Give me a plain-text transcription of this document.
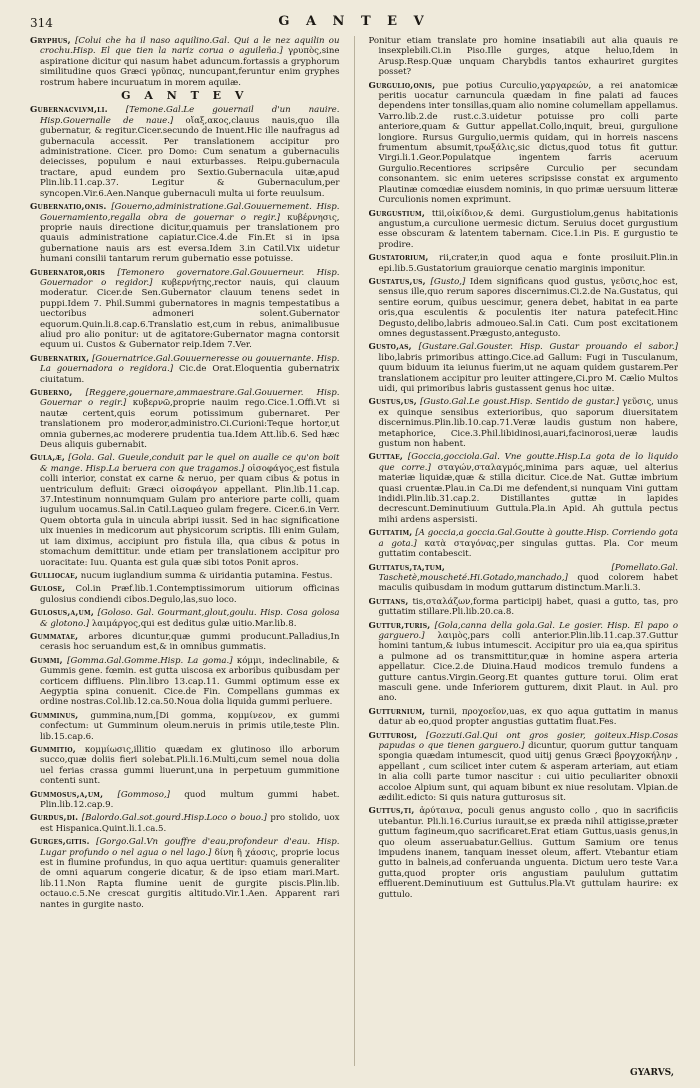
314	G A N T E V

Gryphus, [Colui che ha il naso aquilino.Gal. Qui a le nez aquilin ou crochu.Hisp. El que tien la nariz corua o aguileña.] γρυπὸς,sine aspiratione dicitur qui nasum habet aduncum.fortassis a gryphorum similitudine quos Græci γρῦπας, nuncupant,feruntur enim gryphes rostrum habere incuruatum in morem aquilæ.

G A N T E V

Gubernacvlvm,li. [Temone.Gal.Le gouernail d'un nauire. Hisp.Gouernalle de naue.] οἴαξ,ακος,clauus nauis,quo illa gubernatur, & regitur.Cicer.secundo de Inuent.Hic ille naufragus ad gubernacula accessit. Per translationem accipitur pro administratione. Cicer. pro Domo: Cum senatum a gubernaculis deiecisses, populum e naui exturbasses. Reipu.gubernacula tractare, apud eundem pro Sextio.Gubernacula uitæ,apud Plin.lib.11.cap.37. Legitur & Gubernaculum,per syncopen.Vir.6.Aen.Nanque gubernaculi multa ui forte reuulsum.

Gubernatio,onis. [Gouerno,administratione.Gal.Gouuernement. Hisp. Gouernamiento,regalla obra de gouernar o regir.] κυβέρνησις, proprie nauis directione dicitur,quamuis per translationem pro quauis administratione capiatur.Cice.4.de Fin.Et si in ipsa gubernatione nauis ars est eversa.Idem 3.in Catil.Vix uidetur humani consilii tantarum rerum gubernatio esse potuisse.

Gubernator,oris [Temonero governatore.Gal.Gouuerneur. Hisp. Gouernador o regidor.] κυβερνήτης,rector nauis, qui clauum moderatur. Cicer.de Sen.Gubernator clauum tenens sedet in puppi.Idem 7. Phil.Summi gubernatores in magnis tempestatibus a uectoribus admoneri solent.Gubernator equorum.Quin.li.8.cap.6.Translatio est,cum in rebus, animalibusue aliud pro alio ponitur: ut de agitatore:Gubernator magna contorsit equum ui. Custos & Gubernator reip.Idem 7.Ver.

Gubernatrix, [Gouernatrice.Gal.Gouuerneresse ou gouuernante. Hisp. La gouernadora o regidora.] Cic.de Orat.Eloquentia gubernatrix ciuitatum.

Guberno, [Reggere,gouernare,ammaestrare.Gal.Gouuerner. Hisp. Gouernar o regir.] κυβερνῶ,proprie nauim rego.Cice.1.Offi.Vt si nautæ certent,quis eorum potissimum gubernaret. Per translationem pro moderor,administro.Ci.Curioni:Teque hortor,ut omnia gubernes,ac moderere prudentia tua.Idem Att.lib.6. Sed hæc Deus aliquis gubernabit.

Gula,æ, [Gola. Gal. Gueule,conduit par le quel on aualle ce qu'on boit & mange. Hisp.La beruera con que tragamos.] οἰσοφάγος,est fistula colli interior, constat ex carne & neruo, per quam cibus & potus in uentriculum defluit: Græci οἰσοφάγον appellant. Plin.lib.11.cap. 37.Intestinum nonnumquam Gulam pro anteriore parte colli, quam iugulum uocamus.Sal.in Catil.Laqueo gulam fregere. Cicer.6.in Verr. Quem obtorta gula in uincula abripi iussit. Sed in hac significatione uix inuenies in medicorum aut physicorum scriptis. Illi enim Gulam, ut iam diximus, accipiunt pro fistula illa, qua cibus & potus in stomachum demittitur. unde etiam per translationem accipitur pro uoracitate: Iuu. Quanta est gula quæ sibi totos Ponit apros.

Gulliocae, nucum iuglandium summa & uiridantia putamina. Festus.

Gulose, Col.in Præf.lib.1.Contemptissimorum uitiorum officinas gulosius condiendi cibos.Degulo,las,suo loco.

Gulosus,a,um, [Goloso. Gal. Gourmant,glout,goulu. Hisp. Cosa golosa & glotono.] λαιμάργος,qui est deditus gulæ uitio.Mar.lib.8.

Gummatae, arbores dicuntur,quæ gummi producunt.Palladius,In cerasis hoc seruandum est,& in omnibus gummatis.

Gummi, [Gomma.Gal.Gomme.Hisp. La goma.] κόμμι, indeclinabile, & Gummis gene. fœmin. est gutta uiscosa ex arboribus quibusdam per corticem diffluens. Plin.libro 13.cap.11. Gummi optimum esse ex Aegyptia spina conuenit. Cice.de Fin. Compellans gummas ex ordine nostras.Col.lib.12.ca.50.Noua dolia liquida gummi perluere.

Gumminus, gummina,num,[Di gomma, κομμίνεον, ex gummi confectum: ut Gumminum oleum.neruis in primis utile,teste Plin. lib.15.cap.6.

Gummitio, κομμίωσις,illitio quædam ex glutinoso illo arborum succo,quæ doliis fieri solebat.Pli.li.16.Multi,cum semel noua dolia uel ferias crassa gummi liuerunt,una in perpetuum gummitione contenti sunt.

Gummosus,a,um, [Gommoso,] quod multum gummi habet. Plin.lib.12.cap.9.

Gurdus,di. [Balordo.Gal.sot.gourd.Hisp.Loco o bouo.] pro stolido, uox est Hispanica.Quint.li.1.ca.5.

Gurges,gitis. [Gorgo.Gal.Vn gouffre d'eau,profondeur d'eau. Hisp. Lugar profundo o nel agua o nel lago.] δίνη ἢ χάοσις, proprie locus est in flumine profundus, in quo aqua uertitur: quamuis generaliter de omni aquarum congerie dicatur, & de ipso etiam mari.Mart. lib.11.Non Rapta flumine uenit de gurgite piscis.Plin.lib. octauo.c.5.Ne crescat gurgitis altitudo.Vir.1.Aen. Apparent rari nantes in gurgite nasto.

Ponitur etiam translate pro homine insatiabili aut alia quauis re insexplebili.Ci.in Piso.Ille gurges, atque heluo,Idem in Arusp.Resp.Quæ unquam Charybdis tantos exhauriret gurgites posset?

Gurgulio,onis, pue potius Curculio,γαργαρεών, a rei anatomicæ peritis uocatur carnuncula quædam in fine palati ad fauces dependens inter tonsillas,quam alio nomine columellam appellamus. Varro.lib.2.de rust.c.3.uidetur potuisse pro colli parte anteriore,quam & Guttur appellat.Collo,inquit, breui, gurgulione longiore. Rursus Gurgulio,uermis quidam, qui in horreis nascens frumentum absumit,τρωξάλις,sic dictus,quod totus fit guttur. Virgi.li.1.Geor.Populatque ingentem farris aceruum Gurgulio.Recentiores scripsêre Curculio per secundam consonantem. sic enim ueteres scripsisse constat ex argumento Plautinæ comœdiæ eiusdem nominis, in quo primæ uersuum litteræ Curculionis nomen exprimunt.

Gurgustium, ttii,οἰκίδιον,& demi. Gurgustiolum,genus habitationis angustum,a curculione uermesic dictum. Seruius docet gurgustium esse obscuram & latentem tabernam. Cice.1.in Pis. E gurgustio te prodire.

Gustatorium, rii,crater,in quod aqua e fonte prosiluit.Plin.in epi.lib.5.Gustatorium grauiorque cenatio marginis imponitur.

Gustatus,us, [Gusto,] Idem significans quod gustus, γεῦσις,hoc est, sensus ille,quo rerum sapores discernimus.Ci.2.de Na.Gustatus, qui sentire eorum, quibus uescimur, genera debet, habitat in ea parte oris,qua esculentis & poculentis iter natura patefecit.Hinc Degusto,delibo,labris admoueo.Sal.in Cati. Cum post excitationem omnes degustassent.Prægusto,antegusto.

Gusto,as, [Gustare.Gal.Gouster. Hisp. Gustar prouando el sabor.] libo,labris primoribus attingo.Cice.ad Gallum: Fugi in Tusculanum, quum biduum ita ieiunus fuerim,ut ne aquam quidem gustarem.Per translationem accipitur pro leuiter attingere,Ci.pro M. Cælio Multos uidi, qui primoribus labris gustassent genus hoc uitæ.

Gustus,us, [Gusto.Gal.Le goust.Hisp. Sentido de gustar.] γεῦσις, unus ex quinque sensibus exterioribus, quo saporum diuersitatem discernimus.Plin.lib.10.cap.71.Veræ laudis gustum non habere, metaphorice, Cice.3.Phil.libidinosi,auari,facinorosi,ueræ laudis gustum non habent.

Guttae, [Goccia,gocciola.Gal. Vne goutte.Hisp.La gota de lo liquido que corre.] σταγών,σταλαγμός,minima pars aquæ, uel alterius materiæ liquidæ,quæ & stilla dicitur. Cice.de Nat. Guttæ imbrium quasi cruentæ.Plau.in Ca.Di me defendent,si nunquam Vini guttam indidi.Plin.lib.31.cap.2. Distillantes guttæ in lapides decrescunt.Deminutiuum Guttula.Pla.in Apid. Ah guttula pectus mihi ardens aspersisti.

Guttatim, [A goccia,a goccia.Gal.Goutte à goutte.Hisp. Corriendo gota a gota.] κατὰ σταγόνας,per singulas guttas. Pla. Cor meum guttatim contabescit.

Guttatus,ta,tum,	[Pomellato.Gal. Taschetè,mouscheté.Hi.Gotado,manchado,] quod colorem habet maculis quibusdam in modum guttarum distinctum.Mar.li.3.

Guttans, tis,σταλάζων,forma participij habet, quasi a gutto, tas, pro guttatim stillare.Pli.lib.20.ca.8.

Guttur,turis, [Gola,canna della gola.Gal. Le gosier. Hisp. El papo o garguero.] λαιμὸς,pars colli anterior.Plin.lib.11.cap.37.Guttur homini tantum,& iubus intumescit. Accipitur pro uia ea,qua spiritus a pulmone ad os transmittitur,quæ in homine aspera arteria appellatur. Cice.2.de Diuina.Haud modicos tremulo fundens a gutture cantus.Virgin.Georg.Et quantes gutture torui. Olim erat masculi gene. unde Inferiorem gutturem, dixit Plaut. in Aul. pro ano.

Gutturnium, turnii, προχοεῖον,uas, ex quo aqua guttatim in manus datur ab eo,quod propter angustias guttatim fluat.Fes.

Gutturosi, [Gozzuti.Gal.Qui ont gros gosier, goiteux.Hisp.Cosas papudas o que tienen garguero.] dicuntur, quorum guttur tanquam spongia quædam intumescit, quod uitij genus Græci βρογχοκήλην , appellant , cum scilicet inter cutem & asperam arteriam, aut etiam in alia colli parte tumor nascitur : cui uitio peculiariter obnoxii accoloe Alpium sunt, qui aquam bibunt ex niue resolutam. Vlpian.de ædilit.edicto: Si quis natura gutturosus sit.

Guttus,ti, ἀρύταινα, poculi genus angusto collo , quo in sacrificiis utebantur. Pli.li.16.Curius iurauit,se ex præda nihil attigisse,præter guttum fagineum,quo sacrificaret.Erat etiam Guttus,uasis genus,in quo oleum asseruabatur.Gellius. Guttum Samium ore tenus impudens inanem, tanquam inesset oleum, affert. Vtebantur etiam gutto in balneis,ad conferuanda unguenta. Dictum uero teste Var.a gutta,quod propter oris angustiam paululum guttatim effluerent.Deminutiuum est Guttulus.Pla.Vt guttulam haurire: ex guttulo.

GYARVS,
